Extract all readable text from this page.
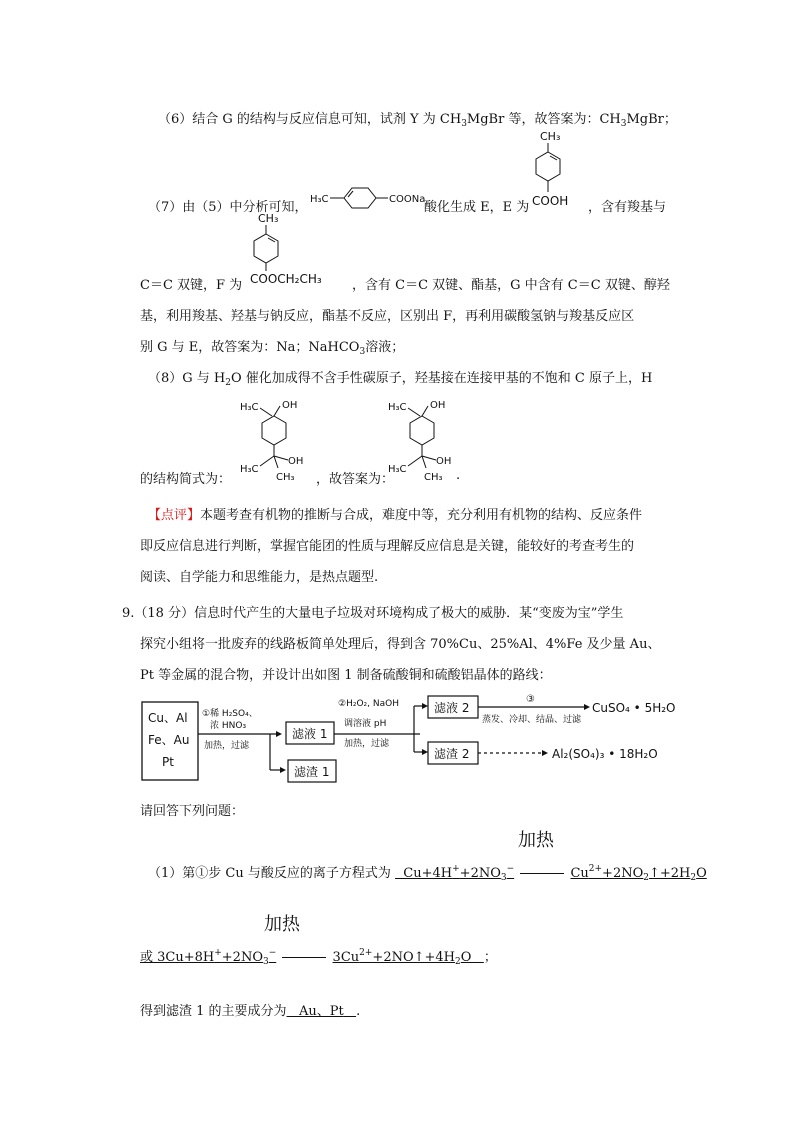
（6）结合 G 的结构与反应信息可知，试剂 Y 为 $CH_3MgBr$ 等，故答案为：$CH_3MgBr$；
（7）由（5）中分析可知，
H₃C	COONa
酸化生成 E，E 为
CH₃
COOH ，含有羧基与
CH₃
COOCH₂CH₃
C＝C 双键，F 为	，含有 C＝C 双键、酯基，G 中含有 C＝C 双键、醇羟
基，利用羧基、羟基与钠反应，酯基不反应，区别出 F，再利用碳酸氢钠与羧基反应区
别 G 与 E，故答案为：Na；NaHCO$_3$溶液；
（8）G 与 $H_2O$ 催化加成得不含手性碳原子，羟基接在连接甲基的不饱和 C 原子上，H
H₃C OH
H₃C
OH
CH₃
H₃C OH
H₃C
OH
CH₃
的结构简式为：	，故答案为：	.
【点评】本题考查有机物的推断与合成，难度中等，充分利用有机物的结构、反应条件
即反应信息进行判断，掌握官能团的性质与理解反应信息是关键，能较好的考查考生的
阅读、自学能力和思维能力，是热点题型.
9.（18 分）信息时代产生的大量电子垃圾对环境构成了极大的威胁．某“变废为宝”学生
探究小组将一批废弃的线路板简单处理后，得到含 70%Cu、25%Al、4%Fe 及少量 Au、
Pt 等金属的混合物，并设计出如图 1 制备硫酸铜和硫酸铝晶体的路线：
Cu、Al
Fe、Au
Pt
①稀 H₂SO₄、
浓 HNO₃
加热，过滤
滤液 1
滤渣 1
②H₂O₂, NaOH
调溶液 pH
加热，过滤
滤液 2
滤渣 2
③
蒸发、冷却、结晶、过滤
CuSO₄ • 5H₂O
Al₂(SO₄)₃ • 18H₂O
请回答下列问题：
加热
（1）第①步 Cu 与酸反应的离子方程式为   $Cu+4H^++2NO_3^-$	$Cu^{2+}+2NO_2↑+2H_2O$
加热
或 $3Cu+8H^++2NO_3^-$	$3Cu^{2+}+2NO↑+4H_2O$   ；
得到滤渣 1 的主要成分为 Au、Pt .
